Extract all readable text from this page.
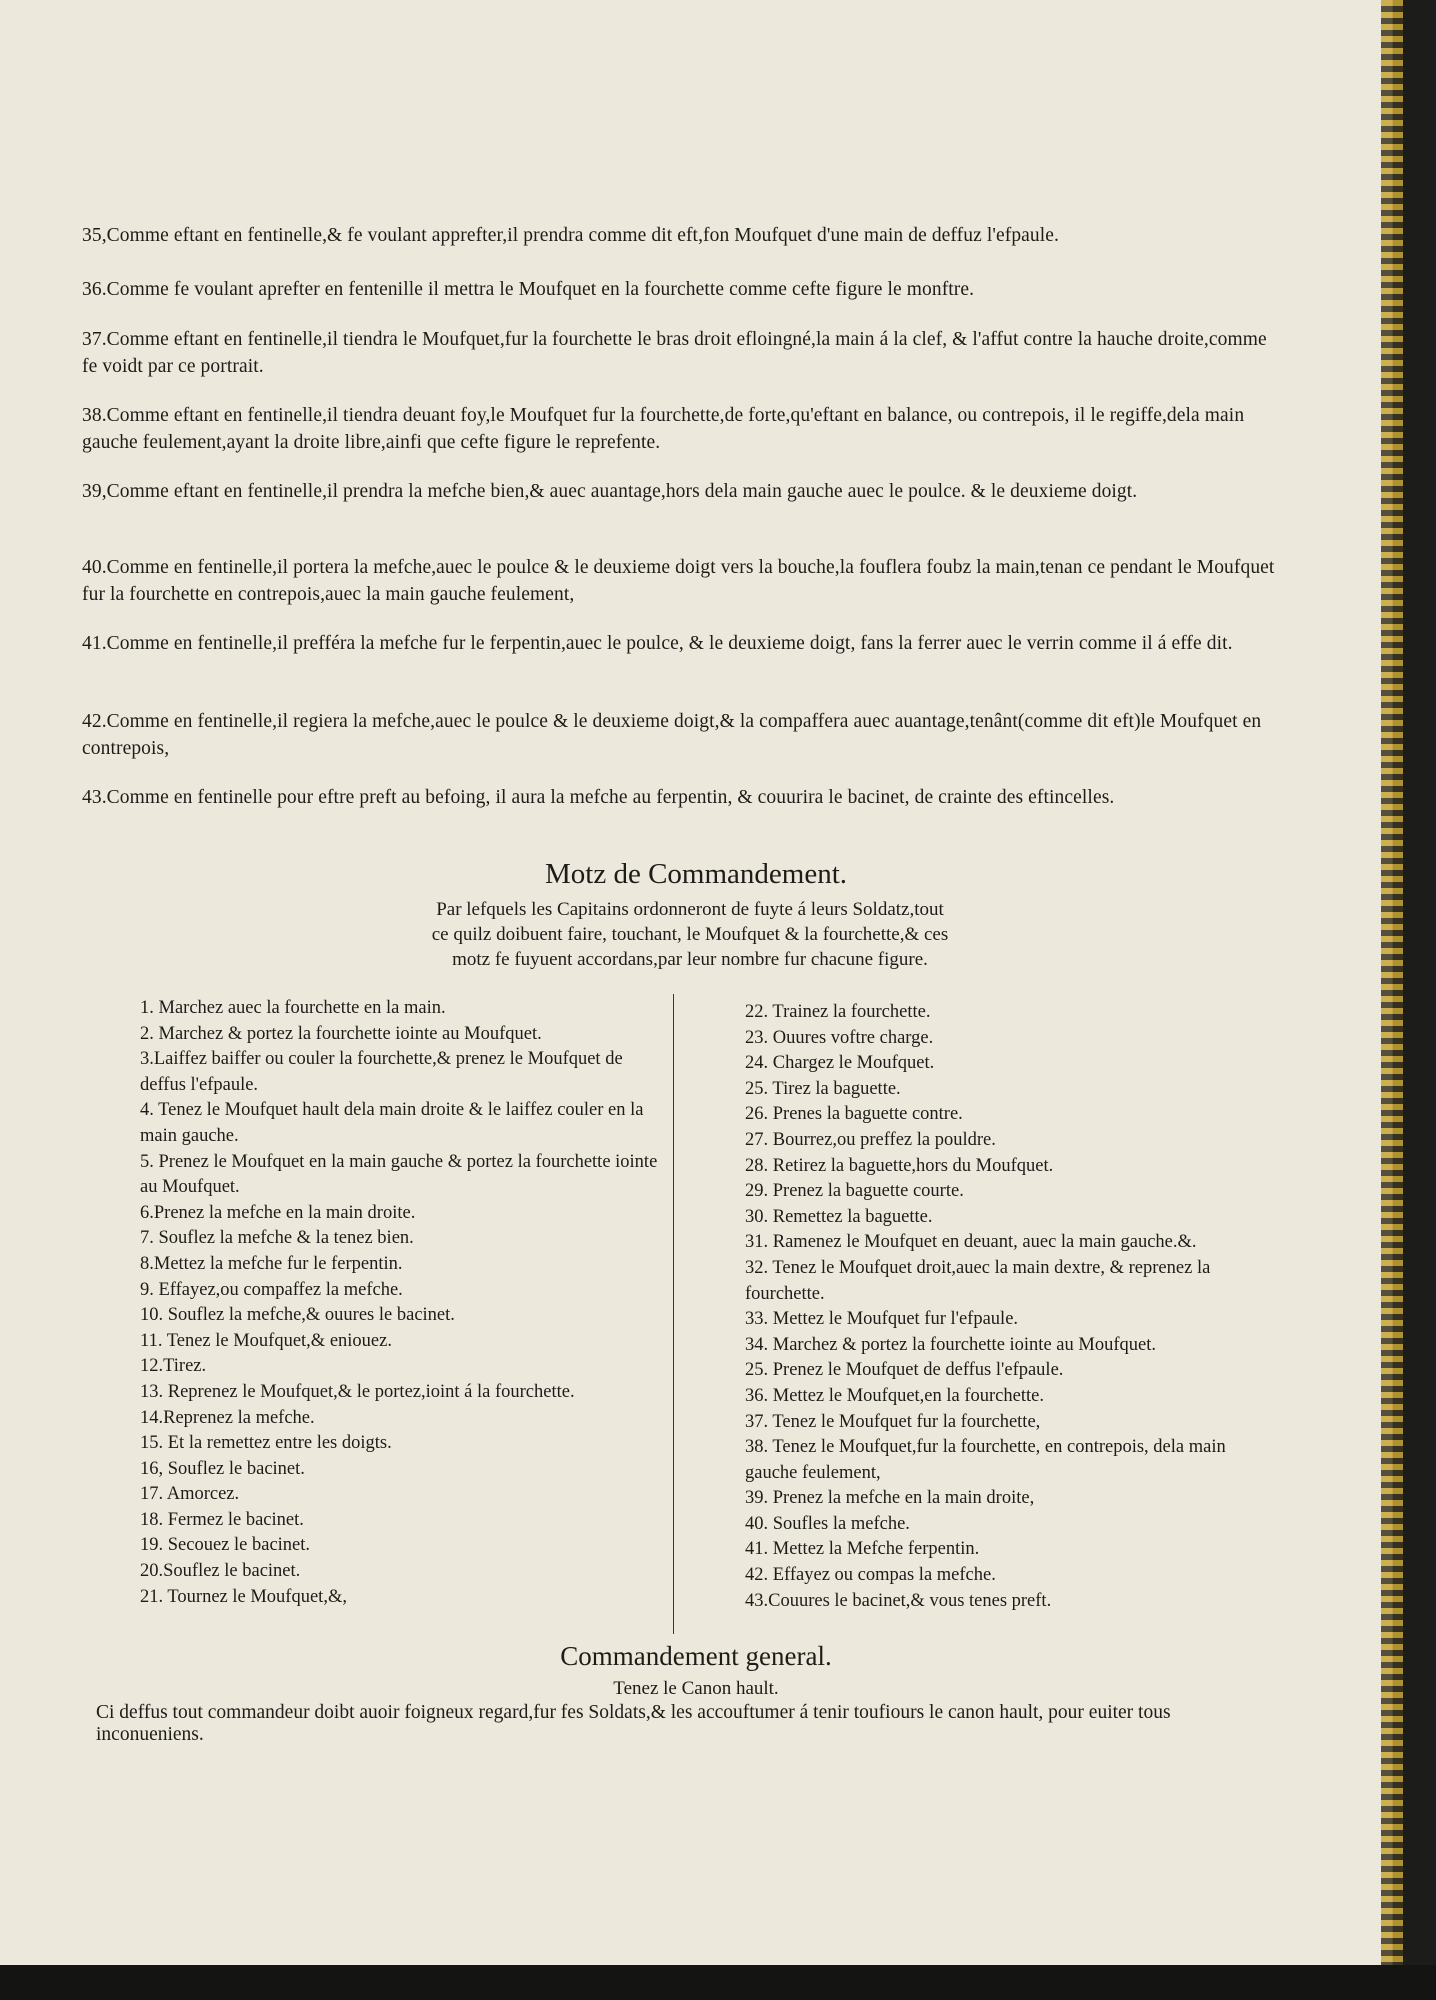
35,Comme eftant en fentinelle,& fe voulant apprefter,il prendra comme dit eft,fon Moufquet d'une main de deffuz l'efpaule.

36.Comme fe voulant aprefter en fentenille il mettra le Moufquet en la fourchette comme cefte figure le monftre.

37.Comme eftant en fentinelle,il tiendra le Moufquet,fur la fourchette le bras droit efloingné,la main á la clef, & l'affut contre la hauche droite,comme fe voidt par ce portrait.

38.Comme eftant en fentinelle,il tiendra deuant foy,le Moufquet fur la fourchette,de forte,qu'eftant en balance, ou contrepois, il le regiffe,dela main gauche feulement,ayant la droite libre,ainfi que cefte figure le reprefente.

39,Comme eftant en fentinelle,il prendra la mefche bien,& auec auantage,hors dela main gauche auec le poulce. & le deuxieme doigt.

40.Comme en fentinelle,il portera la mefche,auec le poulce & le deuxieme doigt vers la bouche,la fouflera foubz la main,tenan ce pendant le Moufquet fur la fourchette en contrepois,auec la main gauche feulement,

41.Comme en fentinelle,il prefféra la mefche fur le ferpentin,auec le poulce, & le deuxieme doigt, fans la ferrer auec le verrin comme il á effe dit.

42.Comme en fentinelle,il regiera la mefche,auec le poulce & le deuxieme doigt,& la compaffera auec auantage,tenânt(comme dit eft)le Moufquet en contrepois,

43.Comme en fentinelle pour eftre preft au befoing, il aura la mefche au ferpentin, & couurira le bacinet, de crainte des eftincelles.

Motz de Commandement.
Par lefquels les Capitains ordonneront de fuyte á leurs Soldatz,tout
ce quilz doibuent faire, touchant, le Moufquet & la fourchette,& ces
motz fe fuyuent accordans,par leur nombre fur chacune figure.
1. Marchez auec la fourchette en la main.
2. Marchez & portez la fourchette iointe au Moufquet.
3.Laiffez baiffer ou couler la fourchette,& prenez le Moufquet de deffus l'efpaule.
4. Tenez le Moufquet hault dela main droite & le laiffez couler en la main gauche.
5. Prenez le Moufquet en la main gauche & portez la fourchette iointe au Moufquet.
6.Prenez la mefche en la main droite.
7. Souflez la mefche & la tenez bien.
8.Mettez la mefche fur le ferpentin.
9. Effayez,ou compaffez la mefche.
10. Souflez la mefche,& ouures le bacinet.
11. Tenez le Moufquet,& eniouez.
12.Tirez.
13. Reprenez le Moufquet,& le portez,ioint á la fourchette.
14.Reprenez la mefche.
15. Et la remettez entre les doigts.
16, Souflez le bacinet.
17. Amorcez.
18. Fermez le bacinet.
19. Secouez le bacinet.
20.Souflez le bacinet.
21. Tournez le Moufquet,&,
22. Trainez la fourchette.
23. Ouures voftre charge.
24. Chargez le Moufquet.
25. Tirez la baguette.
26. Prenes la baguette contre.
27. Bourrez,ou preffez la pouldre.
28. Retirez la baguette,hors du Moufquet.
29. Prenez la baguette courte.
30. Remettez la baguette.
31. Ramenez le Moufquet en deuant, auec la main gauche.&.
32. Tenez le Moufquet droit,auec la main dextre, & reprenez la fourchette.
33. Mettez le Moufquet fur l'efpaule.
34. Marchez & portez la fourchette iointe au Moufquet.
25. Prenez le Moufquet de deffus l'efpaule.
36. Mettez le Moufquet,en la fourchette.
37. Tenez le Moufquet fur la fourchette,
38. Tenez le Moufquet,fur la fourchette, en contrepois, dela main gauche feulement,
39. Prenez la mefche en la main droite,
40. Soufles la mefche.
41. Mettez la Mefche ferpentin.
42. Effayez ou compas la mefche.
43.Couures le bacinet,& vous tenes preft.
Commandement general.
Tenez le Canon hault.

Ci deffus tout commandeur doibt auoir foigneux regard,fur fes Soldats,& les accouftumer á tenir toufiours le canon hault, pour euiter tous inconueniens.
